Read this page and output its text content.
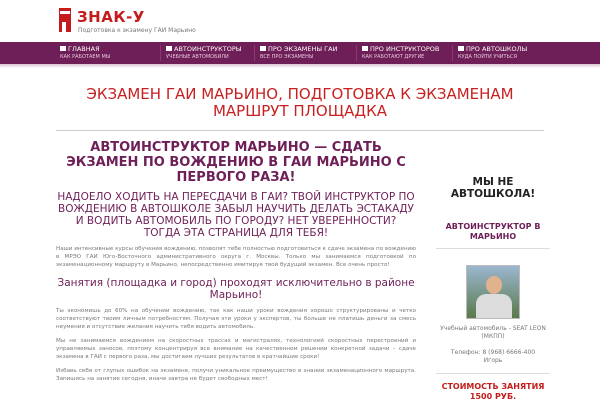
ЗНАК-У
Подготовка к экзамену ГАИ Марьино
ГЛАВНАЯ
КАК РАБОТАЕМ МЫ
АВТОИНСТРУКТОРЫ
УЧЕБНЫЕ АВТОМОБИЛИ
ПРО ЭКЗАМЕНЫ ГАИ
ВСЕ ПРО ЭКЗАМЕНЫ
ПРО ИНСТРУКТОРОВ
КАК РАБОТАЮТ ДРУГИЕ
ПРО АВТОШКОЛЫ
КУДА ПОЙТИ УЧИТЬСЯ
ЭКЗАМЕН ГАИ МАРЬИНО, ПОДГОТОВКА К ЭКЗАМЕНАМ
МАРШРУТ ПЛОЩАДКА
АВТОИНСТРУКТОР МАРЬИНО — СДАТЬ ЭКЗАМЕН ПО ВОЖДЕНИЮ В ГАИ МАРЬИНО С ПЕРВОГО РАЗА!
НАДОЕЛО ХОДИТЬ НА ПЕРЕСДАЧИ В ГАИ? ТВОЙ ИНСТРУКТОР ПО ВОЖДЕНИЮ В АВТОШКОЛЕ ЗАБЫЛ НАУЧИТЬ ДЕЛАТЬ ЭСТАКАДУ И ВОДИТЬ АВТОМОБИЛЬ ПО ГОРОДУ? НЕТ УВЕРЕННОСТИ? ТОГДА ЭТА СТРАНИЦА ДЛЯ ТЕБЯ!
Наши интенсивные курсы обучения вождению, позволят тебе полностью подготовиться к сдаче экзамена по вождению в МРЭО ГАИ Юго-Восточного административного округа г. Москвы. Только мы занимаемся подготовкой по экзаменационному маршруту в Марьино, непосредственно имитируя твой будущий экзамен. Все очень просто!
Занятия (площадка и город) проходят исключительно в районе Марьино!
Ты экономишь до 60% на обучении вождению, так как наши уроки вождения хорошо структурированы и четко соответствуют твоим личным потребностям. Получая эти уроки у экспертов, ты больше не платишь деньги за смесь неумения и отсутствие желания научить тебя водить автомобиль.
Мы не занимаемся вождением на скоростных трассах и магистралях, технологией скоростных перестроений и управляемых заносов, поэтому концентрируя все внимание на качественном решении конкретной задачи – сдаче экзамена в ГАИ с первого раза, мы достигаем лучших результатов в кратчайшие сроки!
Избавь себя от глупых ошибок на экзамене, получи уникальное преимущество в знании экзаменационного маршрута. Запишись на занятие сегодня, иначе завтра не будет свободных мест!
МЫ НЕ АВТОШКОЛА!
АВТОИНСТРУКТОР В МАРЬИНО
Учебный автомобиль - SEAT LEON (МКПП)
Телефон: 8 (968) 6666-400
Игорь
СТОИМОСТЬ ЗАНЯТИЯ 1500 РУБ.
